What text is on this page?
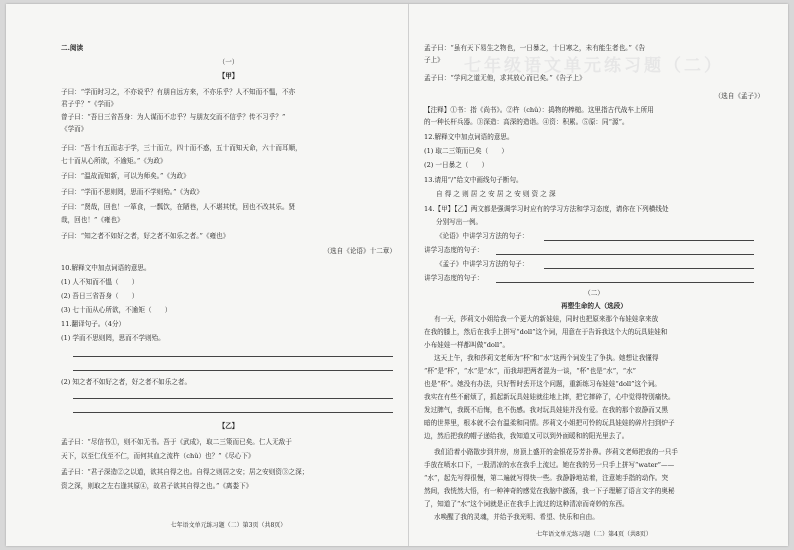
二.阅读
（一）
【甲】
子曰：“学而时习之，不亦说乎？有朋自远方来，不亦乐乎？人不知而不愠，不亦
君子乎？”《学而》
曾子曰：“吾日三省吾身：为人谋而不忠乎？与朋友交而不信乎？传不习乎？”
《学而》
子曰：“吾十有五而志于学，三十而立，四十而不惑，五十而知天命，六十而耳顺，
七十而从心所欲，不逾矩。”《为政》
子曰：“温故而知新，可以为师矣。”《为政》
子曰：“学而不思则罔，思而不学则殆。”《为政》
子曰：“贤哉，回也！一箪食，一瓢饮，在陋巷，人不堪其忧，回也不改其乐。贤
哉，回也！”《雍也》
子曰：“知之者不如好之者，好之者不如乐之者。”《雍也》
（选自《论语》十二章）
10.解释文中加点词语的意思。
(1) 人不知而不愠（　　）
(2) 吾日三省吾身（　　）
(3) 七十而从心所欲，不逾矩（　　）
11.翻译句子。（4分）
(1) 学而不思则罔，思而不学则殆。
(2) 知之者不如好之者，好之者不如乐之者。
【乙】
孟子曰：“尽信书①，则不如无书。吾于《武成》，取二三策而已矣。仁人无敌于
天下，以至仁伐至不仁，而何其血之流杵（chǔ）也？”《尽心下》
孟子曰：“君子深造②之以道，欲其自得之也。自得之则居之安；居之安则资③之深；
资之深，则取之左右逢其原④，故君子欲其自得之也。”《离娄下》
七年语文单元练习题（二）第3页（共8页）
七年级语文单元练习题（二）
孟子曰：“虽有天下易生之物也，一日暴之，十日寒之，未有能生者也。”《告
子上》
孟子曰：“学问之道无他，求其放心而已矣。”《告子上》
（选自《孟子》）
【注释】①书：指《尚书》。②杵（chǔ）：捣物的棒槌。这里指古代战车上所用
的一种长杆兵器。③深造：高深的造诣。④资：积累。⑤原：同“源”。
12.解释文中加点词语的意思。
(1) 取二三策而已矣（　　）
(2) 一日暴之（　　）
13.请用“/”给文中画线句子断句。
自 得 之 则 居 之 安 居 之 安 则 资 之 深
14.【甲】【乙】两文都是强调学习时应有的学习方法和学习态度，请你在下列横线处
分别写出一例。
《论语》中讲学习方法的句子：
讲学习态度的句子：
《孟子》中讲学习方法的句子：
讲学习态度的句子：
（二）
再塑生命的人（选段）
有一天，莎莉文小姐给我一个更大的新娃娃，同时也把原来那个布娃娃拿来放
在我的膝上，然后在我手上拼写“doll”这个词，用意在于告诉我这个大的玩具娃娃和
小布娃娃一样都叫做“doll”。
这天上午，我和莎莉文老师为“杯”和“水”这两个词发生了争执。她想让我懂得
“杯”是“杯”，“水”是“水”，而我却把两者混为一谈，“杯”也是“水”，“水”
也是“杯”。她没有办法，只好暂时丢开这个问题，重新练习布娃娃“doll”这个词。
我实在有些不耐烦了，抓起新玩具娃娃就往地上摔，把它摔碎了，心中觉得特别痛快。
发过脾气，我既不后悔，也不伤感。我对玩具娃娃并没有爱。在我的那个寂静而又黑
暗的世界里，根本就不会有温柔和同情。莎莉文小姐把可怜的玩具娃娃的碎片扫到炉子
边，然后把我的帽子递给我，我知道又可以到外面暖和的阳光里去了。
我们沿着小路散步到井房，房顶上盛开的金银花芬芳扑鼻。莎莉文老师把我的一只手
手放在喷水口下，一股清凉的水在我手上流过。她在我的另一只手上拼写“water”——
“水”，起先写得很慢，第二遍就写得快一些。我静静地站着，注意她手指的动作。突
然间，我恍然大悟，有一种神奇的感觉在我脑中激荡，我一下子理解了语言文字的奥秘
了，知道了“水”这个词就是正在我手上流过的这种清凉而奇妙的东西。
水唤醒了我的灵魂，并给予我光明、希望、快乐和自由。
七年语文单元练习题（二）第4页（共8页）
